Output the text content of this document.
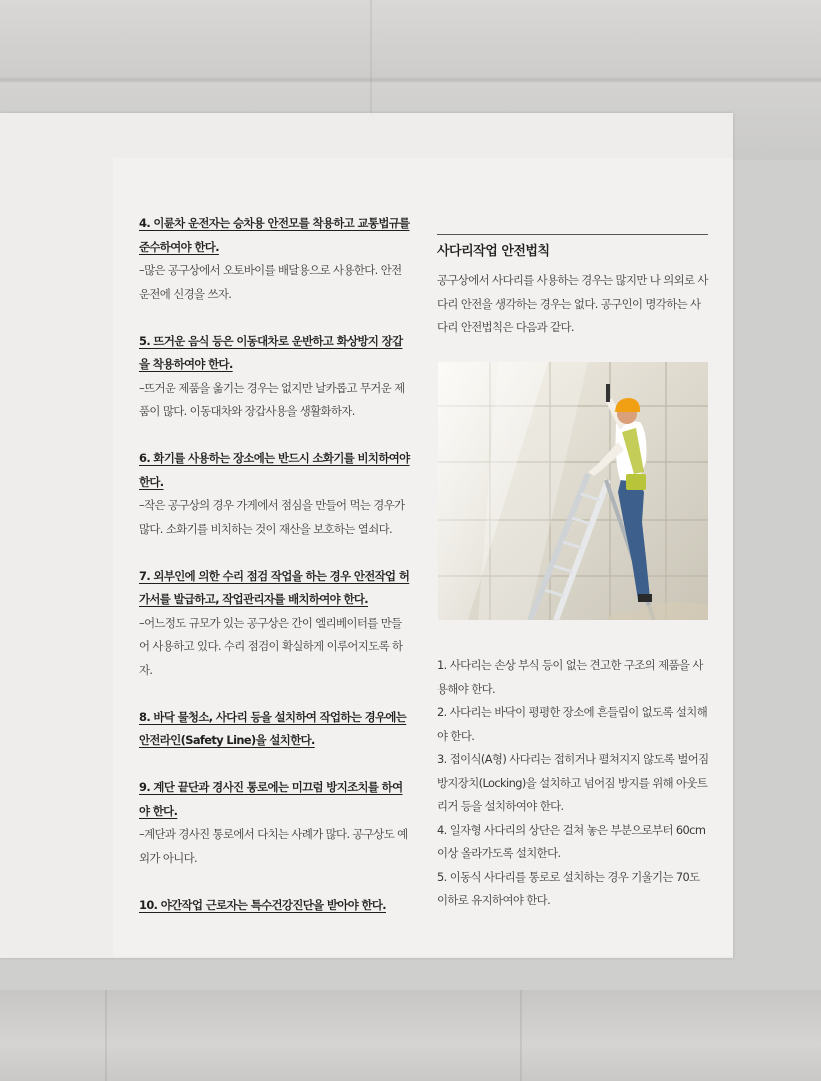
4. 이륜차 운전자는 승차용 안전모를 착용하고 교통법규를 준수하여야 한다.
–많은 공구상에서 오토바이를 배달용으로 사용한다. 안전운전에 신경을 쓰자.
5. 뜨거운 음식 등은 이동대차로 운반하고 화상방지 장갑을 착용하여야 한다.
–뜨거운 제품을 옮기는 경우는 없지만 날카롭고 무거운 제품이 많다. 이동대차와 장갑사용을 생활화하자.
6. 화기를 사용하는 장소에는 반드시 소화기를 비치하여야 한다.
–작은 공구상의 경우 가게에서 점심을 만들어 먹는 경우가 많다. 소화기를 비치하는 것이 재산을 보호하는 열쇠다.
7. 외부인에 의한 수리 점검 작업을 하는 경우 안전작업 허가서를 발급하고, 작업관리자를 배치하여야 한다.
–어느정도 규모가 있는 공구상은 간이 엘리베이터를 만들어 사용하고 있다. 수리 점검이 확실하게 이루어지도록 하자.
8. 바닥 물청소, 사다리 등을 설치하여 작업하는 경우에는 안전라인(Safety Line)을 설치한다.
9. 계단 끝단과 경사진 통로에는 미끄럼 방지조치를 하여야 한다.
–계단과 경사진 통로에서 다치는 사례가 많다. 공구상도 예외가 아니다.
10. 야간작업 근로자는 특수건강진단을 받아야 한다.
사다리작업 안전법칙
공구상에서 사다리를 사용하는 경우는 많지만 나 의외로 사다리 안전을 생각하는 경우는 없다. 공구인이 명각하는 사다리 안전법칙은 다음과 같다.

1. 사다리는 손상 부식 등이 없는 견고한 구조의 제품을 사용해야 한다.

2. 사다리는 바닥이 평평한 장소에 흔들림이 없도록 설치해야 한다.

3. 접이식(A형) 사다리는 접히거나 펼쳐지지 않도록 벌어짐 방지장치(Locking)을 설치하고 넘어짐 방지를 위해 아웃트리거 등을 설치하여야 한다.

4. 일자형 사다리의 상단은 걸쳐 놓은 부분으로부터 60cm 이상 올라가도록 설치한다.

5. 이동식 사다리를 통로로 설치하는 경우 기울기는 70도 이하로 유지하여야 한다.
